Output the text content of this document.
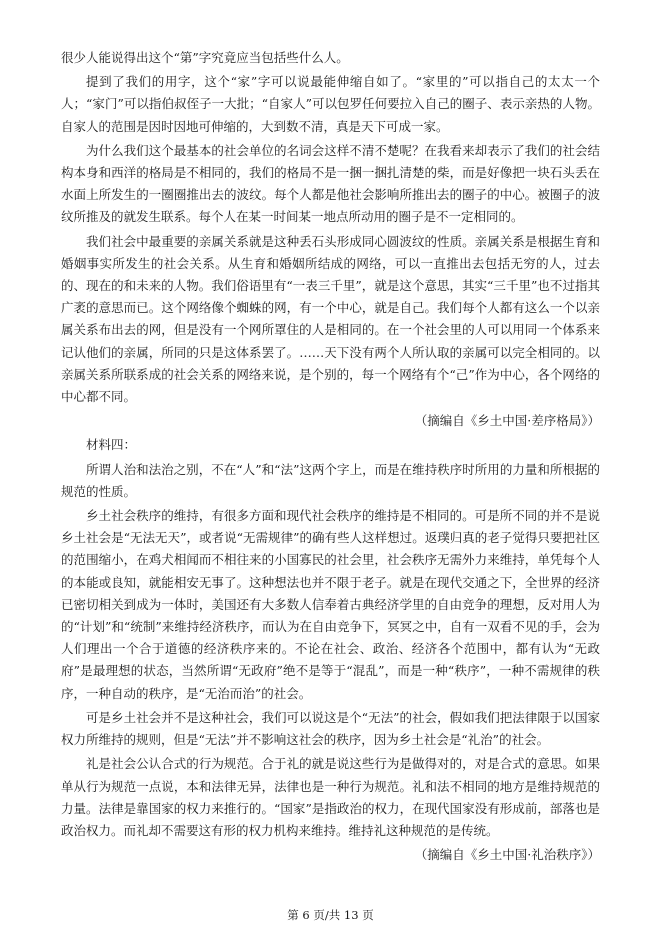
很少人能说得出这个“第”字究竟应当包括些什么人。

提到了我们的用字，这个“家”字可以说最能伸缩自如了。“家里的”可以指自己的太太一个人；“家门”可以指伯叔侄子一大批；“自家人”可以包罗任何要拉入自己的圈子、表示亲热的人物。自家人的范围是因时因地可伸缩的，大到数不清，真是天下可成一家。

为什么我们这个最基本的社会单位的名词会这样不清不楚呢？在我看来却表示了我们的社会结构本身和西洋的格局是不相同的，我们的格局不是一捆一捆扎清楚的柴，而是好像把一块石头丢在水面上所发生的一圈圈推出去的波纹。每个人都是他社会影响所推出去的圈子的中心。被圈子的波纹所推及的就发生联系。每个人在某一时间某一地点所动用的圈子是不一定相同的。

我们社会中最重要的亲属关系就是这种丢石头形成同心圆波纹的性质。亲属关系是根据生育和婚姻事实所发生的社会关系。从生育和婚姻所结成的网络，可以一直推出去包括无穷的人，过去的、现在的和未来的人物。我们俗语里有“一表三千里”，就是这个意思，其实“三千里”也不过指其广袤的意思而已。这个网络像个蜘蛛的网，有一个中心，就是自己。我们每个人都有这么一个以亲属关系布出去的网，但是没有一个网所罩住的人是相同的。在一个社会里的人可以用同一个体系来记认他们的亲属，所同的只是这体系罢了。……天下没有两个人所认取的亲属可以完全相同的。以亲属关系所联系成的社会关系的网络来说，是个别的，每一个网络有个“己”作为中心，各个网络的中心都不同。

（摘编自《乡土中国·差序格局》）

材料四：

所谓人治和法治之别，不在“人”和“法”这两个字上，而是在维持秩序时所用的力量和所根据的规范的性质。

乡土社会秩序的维持，有很多方面和现代社会秩序的维持是不相同的。可是所不同的并不是说乡土社会是“无法无天”，或者说“无需规律”的确有些人这样想过。返璞归真的老子觉得只要把社区的范围缩小，在鸡犬相闻而不相往来的小国寡民的社会里，社会秩序无需外力来维持，单凭每个人的本能或良知，就能相安无事了。这种想法也并不限于老子。就是在现代交通之下，全世界的经济已密切相关到成为一体时，美国还有大多数人信奉着古典经济学里的自由竞争的理想，反对用人为的“计划”和“统制”来维持经济秩序，而认为在自由竞争下，冥冥之中，自有一双看不见的手，会为人们理出一个合于道德的经济秩序来的。不论在社会、政治、经济各个范围中，都有认为“无政府”是最理想的状态，当然所谓“无政府”绝不是等于“混乱”，而是一种“秩序”，一种不需规律的秩序，一种自动的秩序，是“无治而治”的社会。

可是乡土社会并不是这种社会，我们可以说这是个“无法”的社会，假如我们把法律限于以国家权力所维持的规则，但是“无法”并不影响这社会的秩序，因为乡土社会是“礼治”的社会。

礼是社会公认合式的行为规范。合于礼的就是说这些行为是做得对的，对是合式的意思。如果单从行为规范一点说，本和法律无异，法律也是一种行为规范。礼和法不相同的地方是维持规范的力量。法律是靠国家的权力来推行的。“国家”是指政治的权力，在现代国家没有形成前，部落也是政治权力。而礼却不需要这有形的权力机构来维持。维持礼这种规范的是传统。

（摘编自《乡土中国·礼治秩序》）

第 6 页/共 13 页
